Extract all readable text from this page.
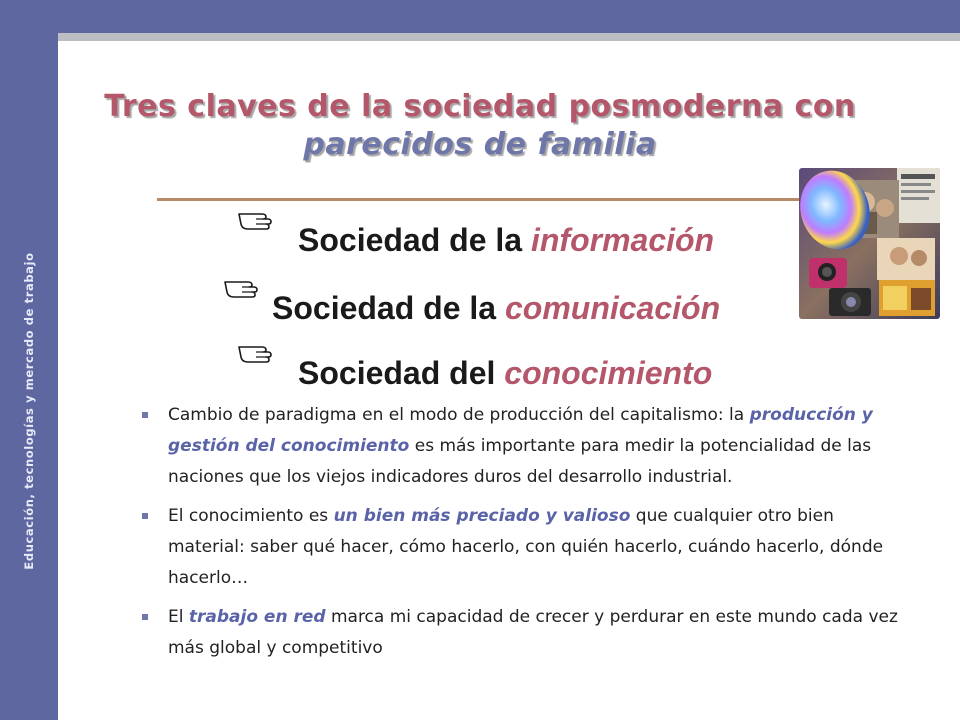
Educación, tecnologías y mercado de trabajo
Tres claves de la sociedad posmoderna con
parecidos de familia
Sociedad de la información
Sociedad de la comunicación
Sociedad del conocimiento
Cambio de paradigma en el modo de producción del capitalismo: la producción y gestión del conocimiento es más importante para medir la potencialidad de las naciones que los viejos indicadores duros del desarrollo industrial.
El conocimiento es un bien más preciado y valioso que cualquier otro bien material: saber qué hacer, cómo hacerlo, con quién hacerlo, cuándo hacerlo, dónde hacerlo…
El trabajo en red marca mi capacidad de crecer y perdurar en este mundo cada vez más global y competitivo
